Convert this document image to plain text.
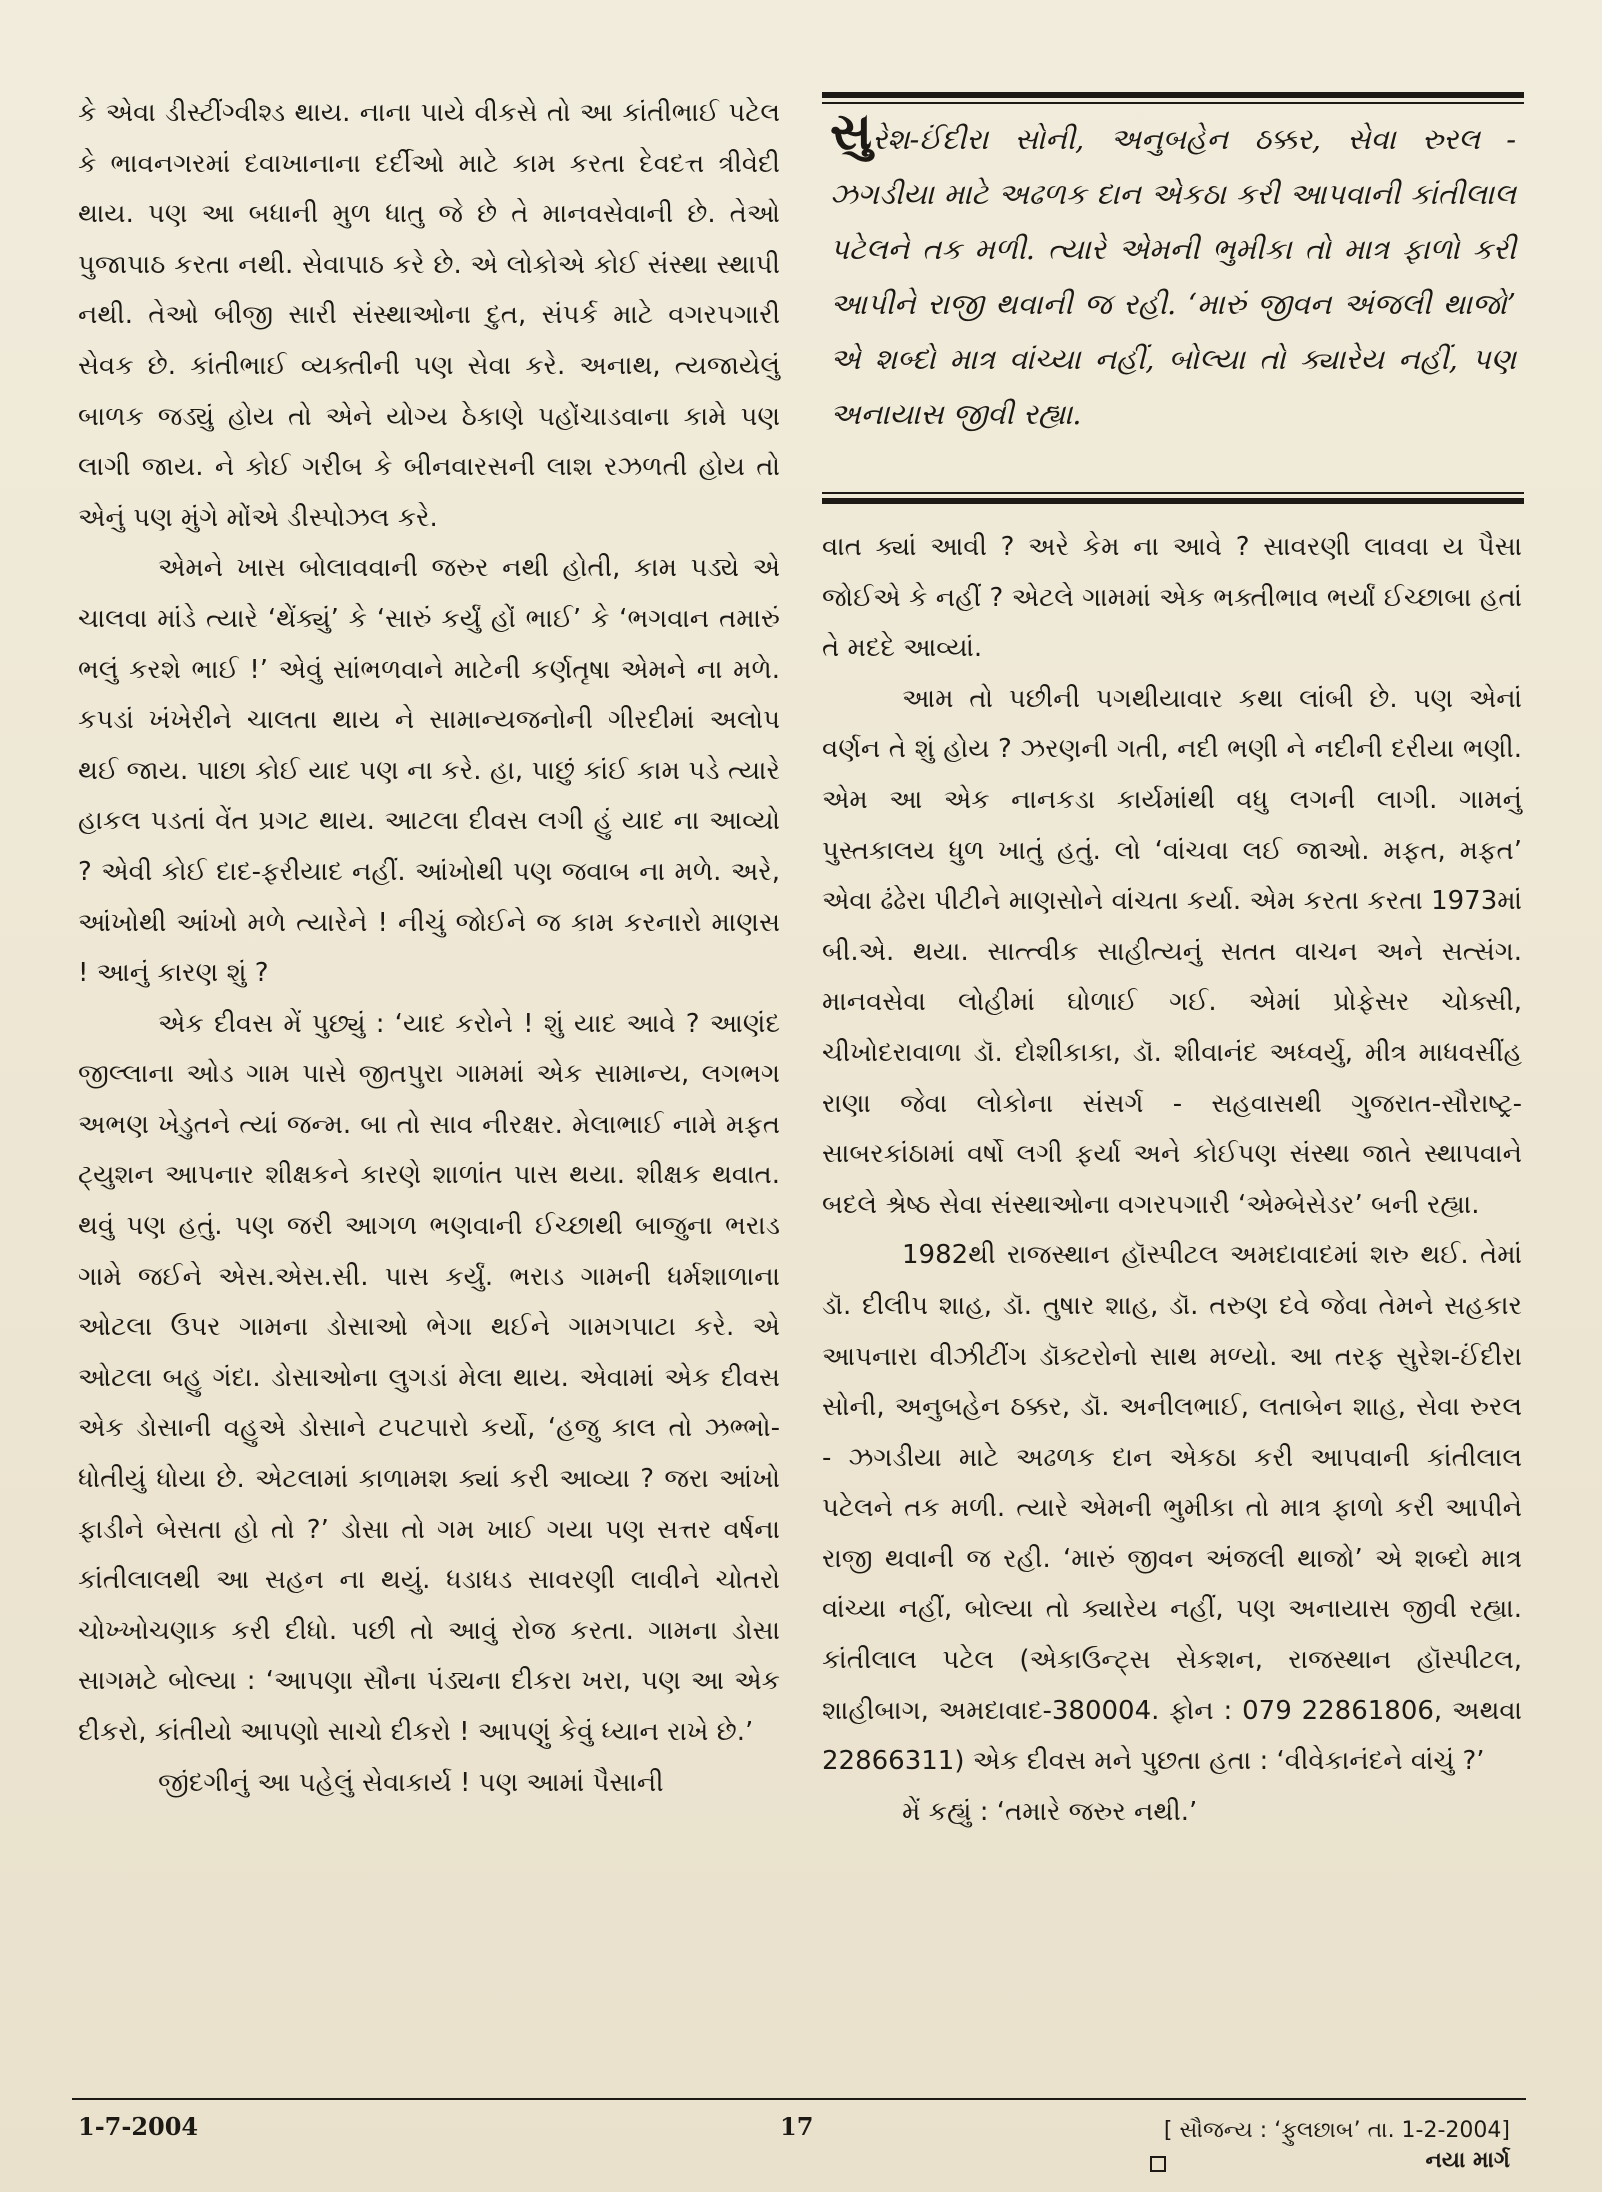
કે એવા ડીસ્ટીંગ્વીશ્ડ થાય. નાના પાયે વીકસે તો આ કાંતીભાઈ પટેલ કે ભાવનગરમાં દવાખાનાના દર્દીઓ માટે કામ કરતા દેવદત્ત ત્રીવેદી થાય. પણ આ બધાની મુળ ધાતુ જે છે તે માનવસેવાની છે. તેઓ પુજાપાઠ કરતા નથી. સેવાપાઠ કરે છે. એ લોકોએ કોઈ સંસ્થા સ્થાપી નથી. તેઓ બીજી સારી સંસ્થાઓના દુત, સંપર્ક માટે વગરપગારી સેવક છે. કાંતીભાઈ વ્યક્તીની પણ સેવા કરે. અનાથ, ત્યજાયેલું બાળક જડ્યું હોય તો એને યોગ્ય ઠેકાણે પહોંચાડવાના કામે પણ લાગી જાય. ને કોઈ ગરીબ કે બીનવારસની લાશ રઝળતી હોય તો એનું પણ મુંગે મોંએ ડીસ્પોઝલ કરે.

એમને ખાસ બોલાવવાની જરુર નથી હોતી, કામ પડ્યે એ ચાલવા માંડે ત્યારે ‘થેંક્યું’ કે ‘સારું કર્યું હોં ભાઈ’ કે ‘ભગવાન તમારું ભલું કરશે ભાઈ !’ એવું સાંભળવાને માટેની કર્ણતૃષા એમને ના મળે. કપડાં ખંખેરીને ચાલતા થાય ને સામાન્યજનોની ગીરદીમાં અલોપ થઈ જાય. પાછા કોઈ યાદ પણ ના કરે. હા, પાછું કાંઈ કામ પડે ત્યારે હાકલ પડતાં વેંત પ્રગટ થાય. આટલા દીવસ લગી હું યાદ ના આવ્યો ? એવી કોઈ દાદ-ફરીયાદ નહીં. આંખોથી પણ જવાબ ના મળે. અરે, આંખોથી આંખો મળે ત્યારેને ! નીચું જોઈને જ કામ કરનારો માણસ ! આનું કારણ શું ?

એક દીવસ મેં પુછ્યું : ‘યાદ કરોને ! શું યાદ આવે ? આણંદ જીલ્લાના ઓડ ગામ પાસે જીતપુરા ગામમાં એક સામાન્ય, લગભગ અભણ ખેડુતને ત્યાં જન્મ. બા તો સાવ નીરક્ષર. મેલાભાઈ નામે મફત ટ્યુશન આપનાર શીક્ષકને કારણે શાળાંત પાસ થયા. શીક્ષક થવાત. થવું પણ હતું. પણ જરી આગળ ભણવાની ઈચ્છાથી બાજુના ભરાડ ગામે જઈને એસ.એસ.સી. પાસ કર્યું. ભરાડ ગામની ધર્મશાળાના ઓટલા ઉપર ગામના ડોસાઓ ભેગા થઈને ગામગપાટા કરે. એ ઓટલા બહુ ગંદા. ડોસાઓના લુગડાં મેલા થાય. એવામાં એક દીવસ એક ડોસાની વહુએ ડોસાને ટપટપારો કર્યો, ‘હજુ કાલ તો ઝભ્ભો-ધોતીયું ધોયા છે. એટલામાં કાળામશ ક્યાં કરી આવ્યા ? જરા આંખો ફાડીને બેસતા હો તો ?’ ડોસા તો ગમ ખાઈ ગયા પણ સત્તર વર્ષના કાંતીલાલથી આ સહન ના થયું. ધડાધડ સાવરણી લાવીને ચોતરો ચોખ્ખોચણાક કરી દીધો. પછી તો આવું રોજ કરતા. ગામના ડોસા સાગમટે બોલ્યા : ‘આપણા સૌના પંડ્યના દીકરા ખરા, પણ આ એક દીકરો, કાંતીયો આપણો સાચો દીકરો ! આપણું કેવું ધ્યાન રાખે છે.’

જીંદગીનું આ પહેલું સેવાકાર્ય ! પણ આમાં પૈસાની

સુરેશ-ઈંદીરા સોની, અનુબહેન ઠક્કર, સેવા રુરલ - ઝગડીયા માટે અઢળક દાન એકઠા કરી આપવાની કાંતીલાલ પટેલને તક મળી. ત્યારે એમની ભુમીકા તો માત્ર ફાળો કરી આપીને રાજી થવાની જ રહી. ‘મારું જીવન અંજલી થાજો’ એ શબ્દો માત્ર વાંચ્યા નહીં, બોલ્યા તો ક્યારેય નહીં, પણ અનાયાસ જીવી રહ્યા.

વાત ક્યાં આવી ? અરે કેમ ના આવે ? સાવરણી લાવવા ય પૈસા જોઈએ કે નહીં ? એટલે ગામમાં એક ભક્તીભાવ ભર્યાં ઈચ્છાબા હતાં તે મદદે આવ્યાં.

આમ તો પછીની પગથીયાવાર કથા લાંબી છે. પણ એનાં વર્ણન તે શું હોય ? ઝરણની ગતી, નદી ભણી ને નદીની દરીયા ભણી. એમ આ એક નાનકડા કાર્યમાંથી વધુ લગની લાગી. ગામનું પુસ્તકાલય ધુળ ખાતું હતું. લો ‘વાંચવા લઈ જાઓ. મફત, મફત’ એવા ઢંઢેરા પીટીને માણસોને વાંચતા કર્યા. એમ કરતા કરતા 1973માં બી.એ. થયા. સાત્ત્વીક સાહીત્યનું સતત વાચન અને સત્સંગ. માનવસેવા લોહીમાં ઘોળાઈ ગઈ. એમાં પ્રોફેસર ચોક્સી, ચીખોદરાવાળા ડૉ. દોશીકાકા, ડૉ. શીવાનંદ અધ્વર્યુ, મીત્ર માધવસીંહ રાણા જેવા લોકોના સંસર્ગ - સહવાસથી ગુજરાત-સૌરાષ્ટ્ર-સાબરકાંઠામાં વર્ષો લગી ફર્યા અને કોઈપણ સંસ્થા જાતે સ્થાપવાને બદલે શ્રેષ્ઠ સેવા સંસ્થાઓના વગરપગારી ‘એમ્બેસેડર’ બની રહ્યા.

1982થી રાજસ્થાન હૉસ્પીટલ અમદાવાદમાં શરુ થઈ. તેમાં ડૉ. દીલીપ શાહ, ડૉ. તુષાર શાહ, ડૉ. તરુણ દવે જેવા તેમને સહકાર આપનારા વીઝીટીંગ ડૉક્ટરોનો સાથ મળ્યો. આ તરફ સુરેશ-ઈંદીરા સોની, અનુબહેન ઠક્કર, ડૉ. અનીલભાઈ, લતાબેન શાહ, સેવા રુરલ - ઝગડીયા માટે અઢળક દાન એકઠા કરી આપવાની કાંતીલાલ પટેલને તક મળી. ત્યારે એમની ભુમીકા તો માત્ર ફાળો કરી આપીને રાજી થવાની જ રહી. ‘મારું જીવન અંજલી થાજો’ એ શબ્દો માત્ર વાંચ્યા નહીં, બોલ્યા તો ક્યારેય નહીં, પણ અનાયાસ જીવી રહ્યા. કાંતીલાલ પટેલ (એકાઉન્ટ્સ સેકશન, રાજસ્થાન હૉસ્પીટલ, શાહીબાગ, અમદાવાદ-380004. ફોન : 079 22861806, અથવા 22866311) એક દીવસ મને પુછતા હતા : ‘વીવેકાનંદને વાંચું ?’

મેં કહ્યું : ‘તમારે જરુર નથી.’

[ સૌજન્ય : ‘ફુલછાબ’ તા. 1-2-2004]
1-7-2004	17
નયા માર્ગ
